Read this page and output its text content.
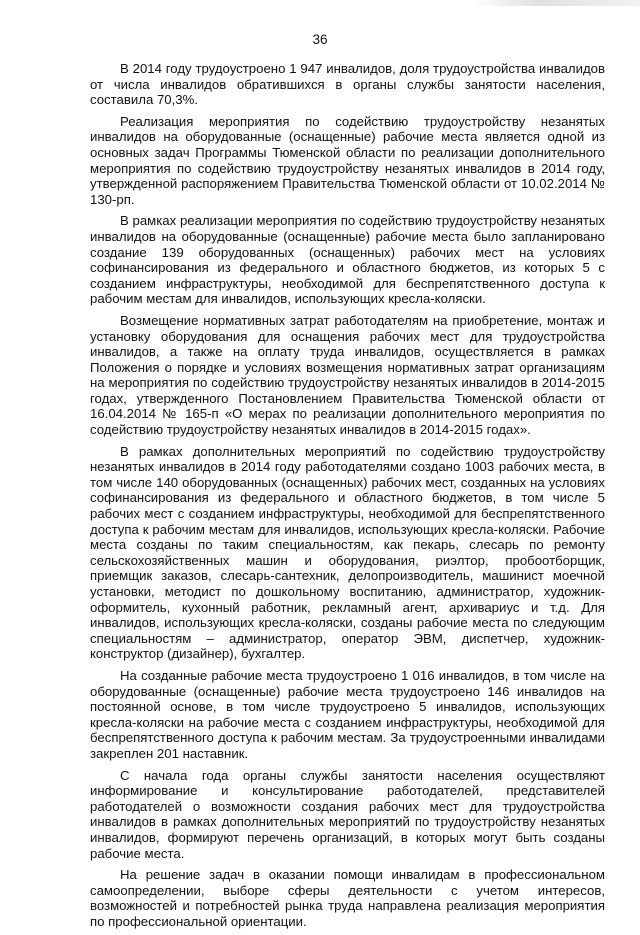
36

В 2014 году трудоустроено 1 947 инвалидов, доля трудоустройства инвалидов от числа инвалидов обратившихся в органы службы занятости населения, составила 70,3%.

Реализация мероприятия по содействию трудоустройству незанятых инвалидов на оборудованные (оснащенные) рабочие места является одной из основных задач Программы Тюменской области по реализации дополнительного мероприятия по содействию трудоустройству незанятых инвалидов в 2014 году, утвержденной распоряжением Правительства Тюменской области от 10.02.2014 № 130-рп.

В рамках реализации мероприятия по содействию трудоустройству незанятых инвалидов на оборудованные (оснащенные) рабочие места было запланировано создание 139 оборудованных (оснащенных) рабочих мест на условиях софинансирования из федерального и областного бюджетов, из которых 5 с созданием инфраструктуры, необходимой для беспрепятственного доступа к рабочим местам для инвалидов, использующих кресла-коляски.

Возмещение нормативных затрат работодателям на приобретение, монтаж и установку оборудования для оснащения рабочих мест для трудоустройства инвалидов, а также на оплату труда инвалидов, осуществляется в рамках Положения о порядке и условиях возмещения нормативных затрат организациям на мероприятия по содействию трудоустройству незанятых инвалидов в 2014-2015 годах, утвержденного Постановлением Правительства Тюменской области от 16.04.2014 № 165-п «О мерах по реализации дополнительного мероприятия по содействию трудоустройству незанятых инвалидов в 2014-2015 годах».

В рамках дополнительных мероприятий по содействию трудоустройству незанятых инвалидов в 2014 году работодателями создано 1003 рабочих места, в том числе 140 оборудованных (оснащенных) рабочих мест, созданных на условиях софинансирования из федерального и областного бюджетов, в том числе 5 рабочих мест с созданием инфраструктуры, необходимой для беспрепятственного доступа к рабочим местам для инвалидов, использующих кресла-коляски. Рабочие места созданы по таким специальностям, как пекарь, слесарь по ремонту сельскохозяйственных машин и оборудования, риэлтор, пробоотборщик, приемщик заказов, слесарь-сантехник, делопроизводитель, машинист моечной установки, методист по дошкольному воспитанию, администратор, художник-оформитель, кухонный работник, рекламный агент, архивариус и т.д. Для инвалидов, использующих кресла-коляски, созданы рабочие места по следующим специальностям – администратор, оператор ЭВМ, диспетчер, художник-конструктор (дизайнер), бухгалтер.

На созданные рабочие места трудоустроено 1 016 инвалидов, в том числе на оборудованные (оснащенные) рабочие места трудоустроено 146 инвалидов на постоянной основе, в том числе трудоустроено 5 инвалидов, использующих кресла-коляски на рабочие места с созданием инфраструктуры, необходимой для беспрепятственного доступа к рабочим местам. За трудоустроенными инвалидами закреплен 201 наставник.

С начала года органы службы занятости населения осуществляют информирование и консультирование работодателей, представителей работодателей о возможности создания рабочих мест для трудоустройства инвалидов в рамках дополнительных мероприятий по трудоустройству незанятых инвалидов, формируют перечень организаций, в которых могут быть созданы рабочие места.

На решение задач в оказании помощи инвалидам в профессиональном самоопределении, выборе сферы деятельности с учетом интересов, возможностей и потребностей рынка труда направлена реализация мероприятия по профессиональной ориентации.
